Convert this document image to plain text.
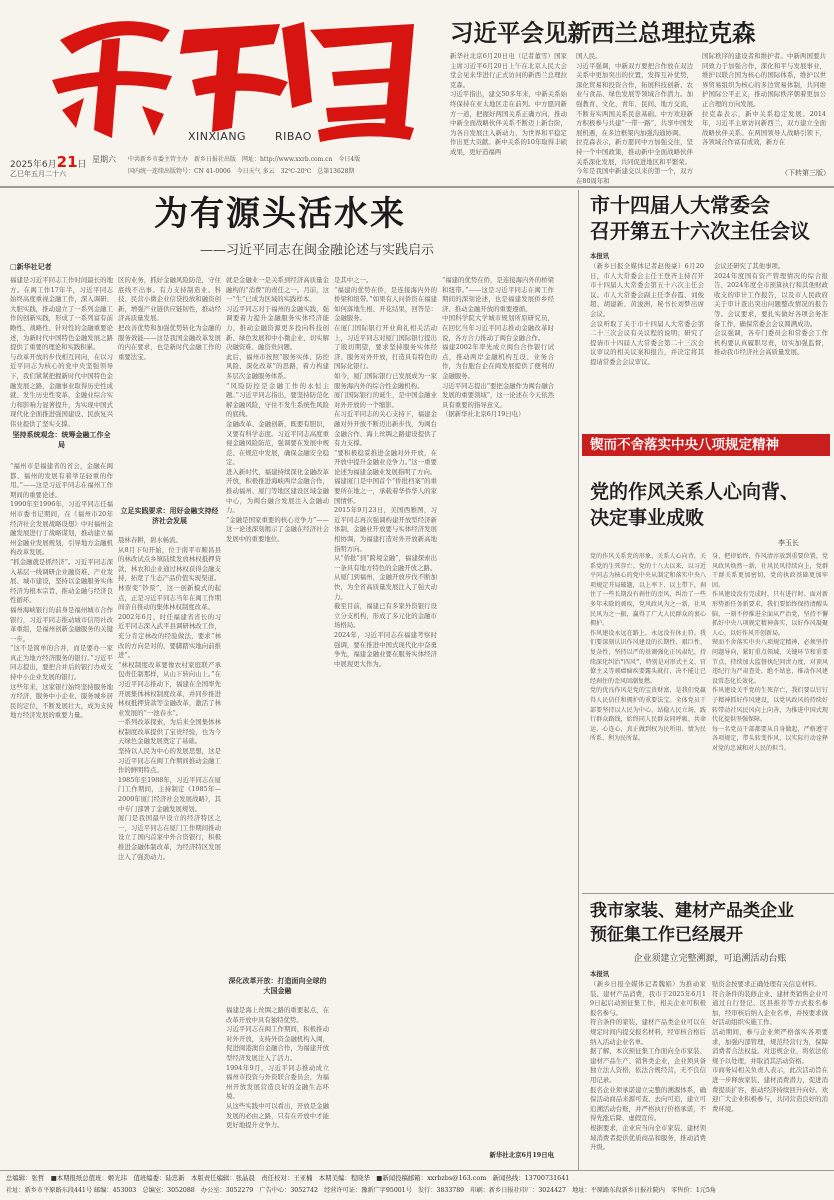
XINXIANG	RIBAO
2025年6月21日
乙巳年五月二十六
星期六	中共新乡市委主管主办　新乡日报社出版　网址：http://www.xxrb.com.cn　今日4版
国内统一连续出版物号：CN 41-0006　今日天气 多云　32℃-20℃　总第13628期
习近平会见新西兰总理拉克森
新华社北京6月20日电（记者董雪）国家主席习近平6月20日上午在北京人民大会堂会见来华进行正式访问的新西兰总理拉克森。
习近平指出，建交50多年来，中新关系始终保持在亚太地区走在前列。中方愿同新方一道，把握好两国关系正确方向，推动中新全面战略伙伴关系不断迈上新台阶，为各自发展注入新动力，为世界和平稳定作出更大贡献。新中关系的10年取得丰硕成果，更好造福两
国人民。
习近平强调，中新双方要把合作放在双边关系中更加突出的位置，发挥互补优势，深化贸易和投资合作，拓展科技创新、农业与食品、绿色发展等领域合作潜力。加强教育、文化、青年、民间、地方交流，不断夯实两国关系民意基础。中方欢迎新方积极参与共建“一带一路”，共享中国发展机遇，在多边框架内加强沟通协调。
拉克森表示，新方愿同中方加强交往，坚持一个中国政策，推动新中全面战略伙伴关系深化发展，共同促进地区和平繁荣。
今年是我国中新建交以来的第一个，双方在80周年和
国际秩序的建设者和维护者。中新两国要共同致力于加强合作，深化和平与发展事业，维护以联合国为核心的国际体系，维护以世界贸易组织为核心的多边贸易体制，共同维护国际公平正义，推动国际秩序朝着更加公正合理的方向发展。
拉克森表示，新中关系稳定发展。2014年，习近平主席访问新西兰，双方建立全面战略伙伴关系。在两国领导人战略引领下，各领域合作富有成效，新方在
（下转第三版）
为有源头活水来
——习近平同志在闽金融论述与实践启示
□新华社记者
福建是习近平同志工作时间最长的地方。在闽工作17年半，习近平同志始终高度重视金融工作，深入调研、大胆实践，推动建立了一系列金融工作的创新实践，形成了一系列富有前瞻性、战略性、针对性的金融重要论述，为新时代中国特色金融发展之路提供了重要的理论和实践积累。
与改革开放的步伐相互同向，在以习近平同志为核心的党中央坚强领导下，我们紧紧把握新时代中国特色金融发展之路，金融事业取得历史性成就、发生历史性变革，金融业综合实力和影响力显著提升，为实现中国式现代化全面推进强国建设、民族复兴伟业提供了坚实支撑。
坚持系统观念：统筹金融工作全局
“福州市是福建省的省会，金融在闽都、福州的发展有着举足轻重的作用。”——这是习近平同志在福州工作期间的重要论述。
1990年至1996年，习近平同志任福州市委书记期间，在《福州市20年经济社会发展战略设想》中对福州金融发展进行了战略谋划，推动建立福州金融业发展规划，引导地方金融机构改革发展。
“抓金融就是抓经济”。习近平同志深入基层一线调研企业融资难、产业发展、城市建设，坚持以金融服务实体经济为根本宗旨，推动金融与经济良性循环。
福州海峡银行的前身是福州城市合作银行，习近平同志推动城市信用社改革重组，是福州创新金融服务的关键一步。
“这不是简单的合并，而是要办一家真正为地方经济服务的银行。”习近平同志提出，要把合并后的银行办成支持中小企业发展的银行。
这些年来，这家银行始终坚持服务地方经济、服务中小企业、服务城乡居民的定位，不断发展壮大，成为支持地方经济发展的重要力量。
区的业务，抓好金融风险防范，守住底线不出事。有力支持制造业、科技、民营小微企业信贷投放和融资创新，增强产业链供应链韧性，推动经济高质量发展。
把改善优势和加强优势转化为金融的服务效能——这是我国金融改革发展的内在要求，也是新时代金融工作的重要法宝。
立足实践要求：用好金融支持经济社会发展
晨林春耕，碧水畅流。
从8月下旬开始，位于南平市顺昌县的林改试点乡镇陆续发放林权抵押贷款，林农和企业通过林权获得金融支持，拓宽了生态产品价值实现渠道。
林票变“钞票”，这一创新模式的起点，正是习近平同志当年在闽工作期间亲自推动的集体林权制度改革。
2002年6月，时任福建省省长的习近平同志深入武平县调研林改工作，充分肯定林改的经验做法，要求“林改的方向是对的，要脚踏实地向前推进”。
“林权制度改革要像农村家庭联产承包责任制那样，从山下转向山上。”在习近平同志推动下，福建在全国率先开展集体林权制度改革，并同步推进林权抵押贷款等金融改革，激活了林业发展的“一池春水”。
一系列改革探索，为后来全国集体林权制度改革提供了宝贵经验，也为今天绿色金融发展奠定了基础。
坚持以人民为中心的发展思想，这是习近平同志在闽工作期间推动金融工作的鲜明特点。
1985年至1988年，习近平同志在厦门工作期间，主持制定《1985年—2000年厦门经济社会发展战略》，其中专门部署了金融发展规划。
厦门是我国最早设立的经济特区之一，习近平同志在厦门工作期间推动设立了国内首家中外合资银行，积极推进金融体制改革，为经济特区发展注入了强劲动力。
就是金融业一是关系到经济高质量金融构的“消费”的责任之一。月前，这一“生”已成为区域的实践样本。
习近平同志对于福州的金融实践，强调要着力提升金融服务实体经济能力，推动金融资源更多投向科技创新、绿色发展和中小微企业，切实解决融资难、融资贵问题。
此后，福州市按照“服务实体、防控风险、深化改革”的思路，着力构建多层次金融服务体系。
“风险防控是金融工作的永恒主题。”习近平同志指出，要坚持防范化解金融风险，守住不发生系统性风险的底线。
金融改革、金融创新，既要有胆识，又要有科学态度。习近平同志高度重视金融风险防范，强调要在发展中规范、在规范中发展，确保金融安全稳定。
进入新时代，福建持续深化金融改革开放，积极推进海峡两岸金融合作，推动福州、厦门等地区建设区域金融中心，为闽台融合发展注入金融动力。
“金融是国家重要的核心竞争力”——这一论述深刻揭示了金融在经济社会发展中的重要地位。
深化改革开放：打造面向全球的大国金融
福建是海上丝绸之路的重要起点，在改革开放中具有独特优势。
习近平同志在闽工作期间，积极推动对外开放，支持外资金融机构入闽，促进闽港澳台金融合作，为福建开放型经济发展注入了活力。
1994年9月，习近平同志推动成立福州市投资与外资联合委员会，为福州开放发展营造良好的金融生态环境。
从这些实践中可以看出，开放是金融发展的必由之路，只有在开放中才能更好地提升竞争力。
是其中之一。
“福建的优势在侨，是连接海内外的桥梁和纽带。”如果有人问侨资在福建如何落地生根、开花结果，回答是：金融服务。
在厦门国际银行开业典礼相关活动上，习近平同志对厦门国际银行提出了殷切期望，要求坚持服务实体经济、服务对外开放，打造具有特色的国际化银行。
如今，厦门国际银行已发展成为一家服务海内外的综合性金融机构。
厦门国际银行的诞生，是中国金融业对外开放的一个缩影。
在习近平同志的关心支持下，福建金融对外开放不断迈出新步伐，为闽台金融合作、海上丝绸之路建设提供了有力支撑。
“要积极稳妥推进金融对外开放，在开放中提升金融业竞争力。”这一重要论述为福建金融业发展指明了方向。
福建厦门是中国首个“侨批档案”的重要所在地之一，承载着华侨华人的家国情怀。
2015年9月23日，美国西雅图，习近平同志再次强调构建开放型经济新体制，金融业开放要与实体经济发展相协调，为福建打造对外开放新高地指明方向。
从“侨批”到“跨境金融”，福建探索出一条具有地方特色的金融开放之路。
从厦门到福州，金融开放步伐不断加快，为全省高质量发展注入了强大动力。
截至目前，福建已有多家外资银行设立分支机构，形成了多元化的金融市场格局。
2024年，习近平同志在福建考察时强调，要在推进中国式现代化中奋勇争先，福建金融业要在服务实体经济中展现更大作为。
“福建的优势在侨，是连接海内外的桥梁和纽带。”——这是习近平同志在闽工作期间的深刻论述，也是福建发展侨乡经济、推动金融开放的重要遵循。
中国科学院大学城市规划所原研究员，在回忆当年习近平同志推动金融改革时说，各方合力推动了闽台金融合作。
福建2002年率先成立闽台合作银行试点，推动两岸金融机构互设、业务合作，为台胞台企在闽发展提供了便利的金融服务。
习近平同志提出“要把金融作为闽台融合发展的重要领域”，这一论述在今天依然具有重要的指导意义。
（据新华社北京6月19日电）
新华社北京6月19日电
市十四届人大常委会
召开第五十六次主任会议
本报讯
（新乡日报全媒体记者赵俊豪）6月20日，市人大常委会主任王登齐主持召开市十四届人大常委会第五十六次主任会议。市人大常委会副主任李春霞、刘俊超、胡建新、黄浚洲，秘书长刘梦出席会议。
会议听取了关于市十四届人大常委会第二十三次会议有关议程的说明；研究了提请市十四届人大常委会第二十三次会议审议的相关议案和报告，并决定将其提请常委会会议审议。
会议还研究了其他事项。
2024年度国有资产管理情况的综合报告、2024年度全市预算执行和其他财政收支的审计工作报告，以及市人民政府关于审计查出突出问题整改情况的报告等。会议要求，要扎实做好各项会务准备工作，确保常委会会议圆满成功。
会议强调，各专门委员会和常委会工作机构要认真履职尽责，切实加强监督，推动我市经济社会高质量发展。
锲而不舍落实中央八项规定精神
党的作风关系人心向背、
决定事业成败
李玉长
党的作风关系党的形象，关系人心向背，关系党的生死存亡。党的十八大以来，以习近平同志为核心的党中央从制定和落实中央八项规定开局破题，以上率下、以上带下，刹住了一些长期没有刹住的歪风，纠治了一些多年未除的顽疾，党风政风为之一新，社风民风为之一振，赢得了广大人民群众的衷心拥护。
作风建设永远在路上，永远没有休止符。我们要深刻认识作风建设的长期性、艰巨性、复杂性，坚持以严的基调强化正风肃纪，持续深化纠治“四风”，特别是对形式主义、官僚主义等顽瘴痼疾要露头就打，决不能让已经刹住的歪风回潮复燃。
党的优良作风是党的宝贵财富，是我们党赢得人民信任和拥护的重要法宝。全体党员干部要坚持以人民为中心，站稳人民立场，践行群众路线，始终同人民群众同呼吸、共命运、心连心，真正做到权为民所用、情为民所系、利为民所谋。
身，把律始终、作风清淳放到重要位置，党风政风焕然一新，社风民风持续向上，党群干群关系更加密切，党的执政基础更加牢固。
作风建设没有完成时，只有进行时。面对新形势新任务新要求，我们要始终保持清醒头脑，一刻不停推进全面从严治党，坚持不懈抓好中央八项规定精神落实，以好作风凝聚人心，以好作风开创新局。
锲而不舍落实中央八项规定精神，必须坚持问题导向，紧盯重点领域、关键环节和重要节点，持续加大监督执纪问责力度，对顶风违纪行为严肃查处、绝不姑息，推动作风建设常态化长效化。
作风建设关乎党的生死存亡，我们要以钉钉子精神抓好作风建设，以党风政风的持续好转带动社风民风向上向善，为推进中国式现代化提供坚强保障。
每一名党员干部都要从自身做起，严格遵守各项规定，带头转变作风，以实际行动诠释对党的忠诚和对人民的担当。
我市家装、建材产品类企业
预征集工作已经展开
企业须建立完整溯源，可追溯活动台账
本报讯
（新乡日报全媒体记者魏娟）为推动家装、建材产品消费，我市于2025年6月19日起启动预征集工作，相关企业可积极报名参与。
符合条件的家装、建材产品类企业可以在规定时间内提交报名材料，经审核合格后纳入活动企业名单。
据了解，本次预征集工作面向全市家装、建材产品生产、销售类企业，企业须具备独立法人资格，依法合规经营，无不良信用记录。
报名企业须承诺建立完整的溯源体系，确保活动商品来源可查、去向可追，建立可追溯活动台账，并严格执行价格承诺，不得先涨后降、虚假宣传。
根据要求，企业应当向全市家装、建材领域消费者提供优质商品和服务，推动消费升级。
贴资金按要求正确处理有关信息材料。
符合条件的装修企业、建材类销售企业可通过自行登记、区县推荐等方式报名参加，经审核后纳入企业名单，并按要求做好活动组织实施工作。
活动期间，参与企业须严格落实各项要求，加强内部管理，规范经营行为，保障消费者合法权益。对违规企业，将依法依规予以处理，并取消其活动资格。
市商务局相关负责人表示，此次活动旨在进一步释放家装、建材消费潜力，促进消费提质扩容，推动经济持续回升向好。欢迎广大企业积极参与，共同营造良好的消费环境。
总编辑：张哲　■本期报纸总值班：姬光玮　值班编委：陆忠新　本版责任编辑：张晶晨　责任校对：王亚楠　本期美编：程晓华　■新闻投稿邮箱：xxrbzbs@163.com　新闻热线：13700731641
社址：新乡市平原路东段441号 邮编：453003　总编室：3052088　办公室：3052279　广告中心：3052742　经营许可证：豫新广字95001号　发行：3833789　印刷：新乡日报社印厂：3024427　地址：平原路东段新乡日报社院内　零售价：1元5角
